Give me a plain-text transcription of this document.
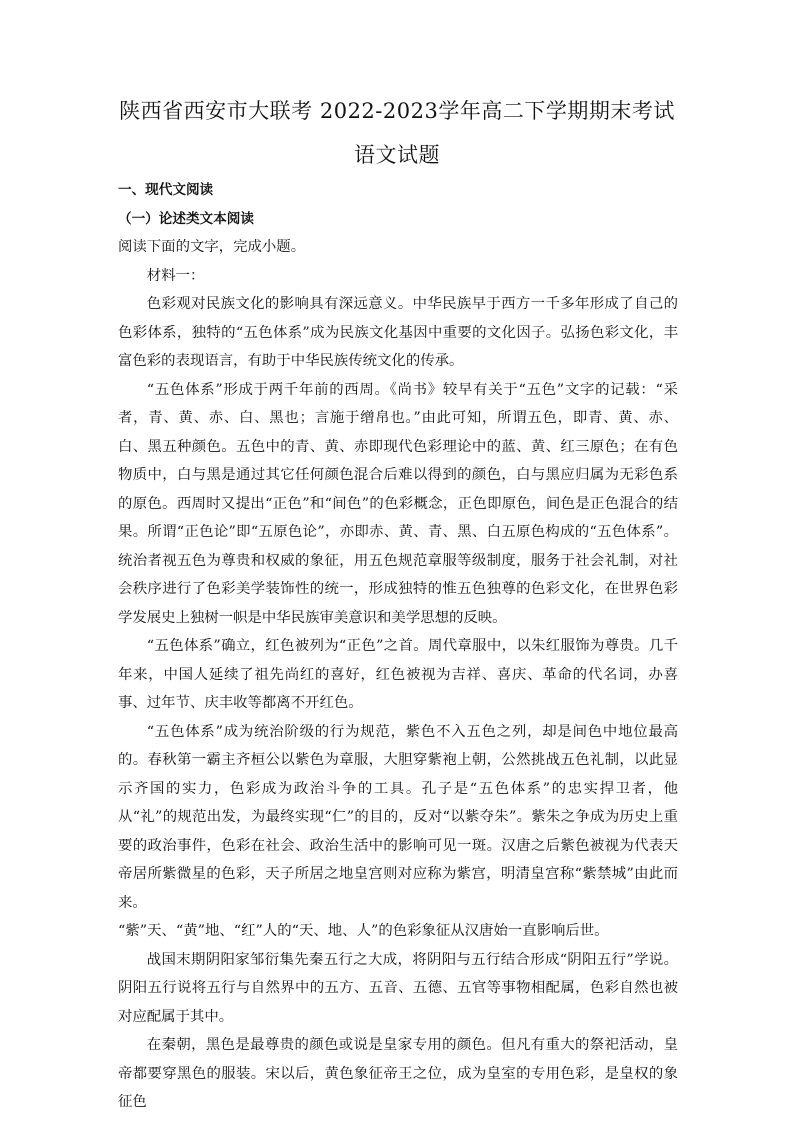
陕西省西安市大联考 2022-2023学年高二下学期期末考试
语文试题

一、现代文阅读

（一）论述类文本阅读

阅读下面的文字，完成小题。

材料一：

色彩观对民族文化的影响具有深远意义。中华民族早于西方一千多年形成了自己的色彩体系，独特的“五色体系”成为民族文化基因中重要的文化因子。弘扬色彩文化，丰富色彩的表现语言，有助于中华民族传统文化的传承。

“五色体系”形成于两千年前的西周。《尚书》较早有关于“五色”文字的记载：“采者，青、黄、赤、白、黑也；言施于缯帛也。”由此可知，所谓五色，即青、黄、赤、白、黑五种颜色。五色中的青、黄、赤即现代色彩理论中的蓝、黄、红三原色；在有色物质中，白与黑是通过其它任何颜色混合后难以得到的颜色，白与黑应归属为无彩色系的原色。西周时又提出“正色”和“间色”的色彩概念，正色即原色，间色是正色混合的结果。所谓“正色论”即“五原色论”，亦即赤、黄、青、黑、白五原色构成的“五色体系”。统治者视五色为尊贵和权威的象征，用五色规范章服等级制度，服务于社会礼制，对社会秩序进行了色彩美学装饰性的统一，形成独特的惟五色独尊的色彩文化，在世界色彩学发展史上独树一帜是中华民族审美意识和美学思想的反映。

“五色体系”确立，红色被列为“正色”之首。周代章服中，以朱红服饰为尊贵。几千年来，中国人延续了祖先尚红的喜好，红色被视为吉祥、喜庆、革命的代名词，办喜事、过年节、庆丰收等都离不开红色。

“五色体系”成为统治阶级的行为规范，紫色不入五色之列，却是间色中地位最高的。春秋第一霸主齐桓公以紫色为章服，大胆穿紫袍上朝，公然挑战五色礼制，以此显示齐国的实力，色彩成为政治斗争的工具。孔子是“五色体系”的忠实捍卫者，他从“礼”的规范出发，为最终实现“仁”的目的，反对“以紫夺朱”。紫朱之争成为历史上重要的政治事件，色彩在社会、政治生活中的影响可见一斑。汉唐之后紫色被视为代表天帝居所紫微星的色彩，天子所居之地皇宫则对应称为紫宫，明清皇宫称“紫禁城”由此而来。

“紫”天、“黄”地、“红”人的“天、地、人”的色彩象征从汉唐始一直影响后世。

战国末期阴阳家邹衍集先秦五行之大成，将阴阳与五行结合形成“阴阳五行”学说。阴阳五行说将五行与自然界中的五方、五音、五德、五官等事物相配属，色彩自然也被对应配属于其中。

在秦朝，黑色是最尊贵的颜色或说是皇家专用的颜色。但凡有重大的祭祀活动，皇帝都要穿黑色的服装。宋以后，黄色象征帝王之位，成为皇室的专用色彩，是皇权的象征色
